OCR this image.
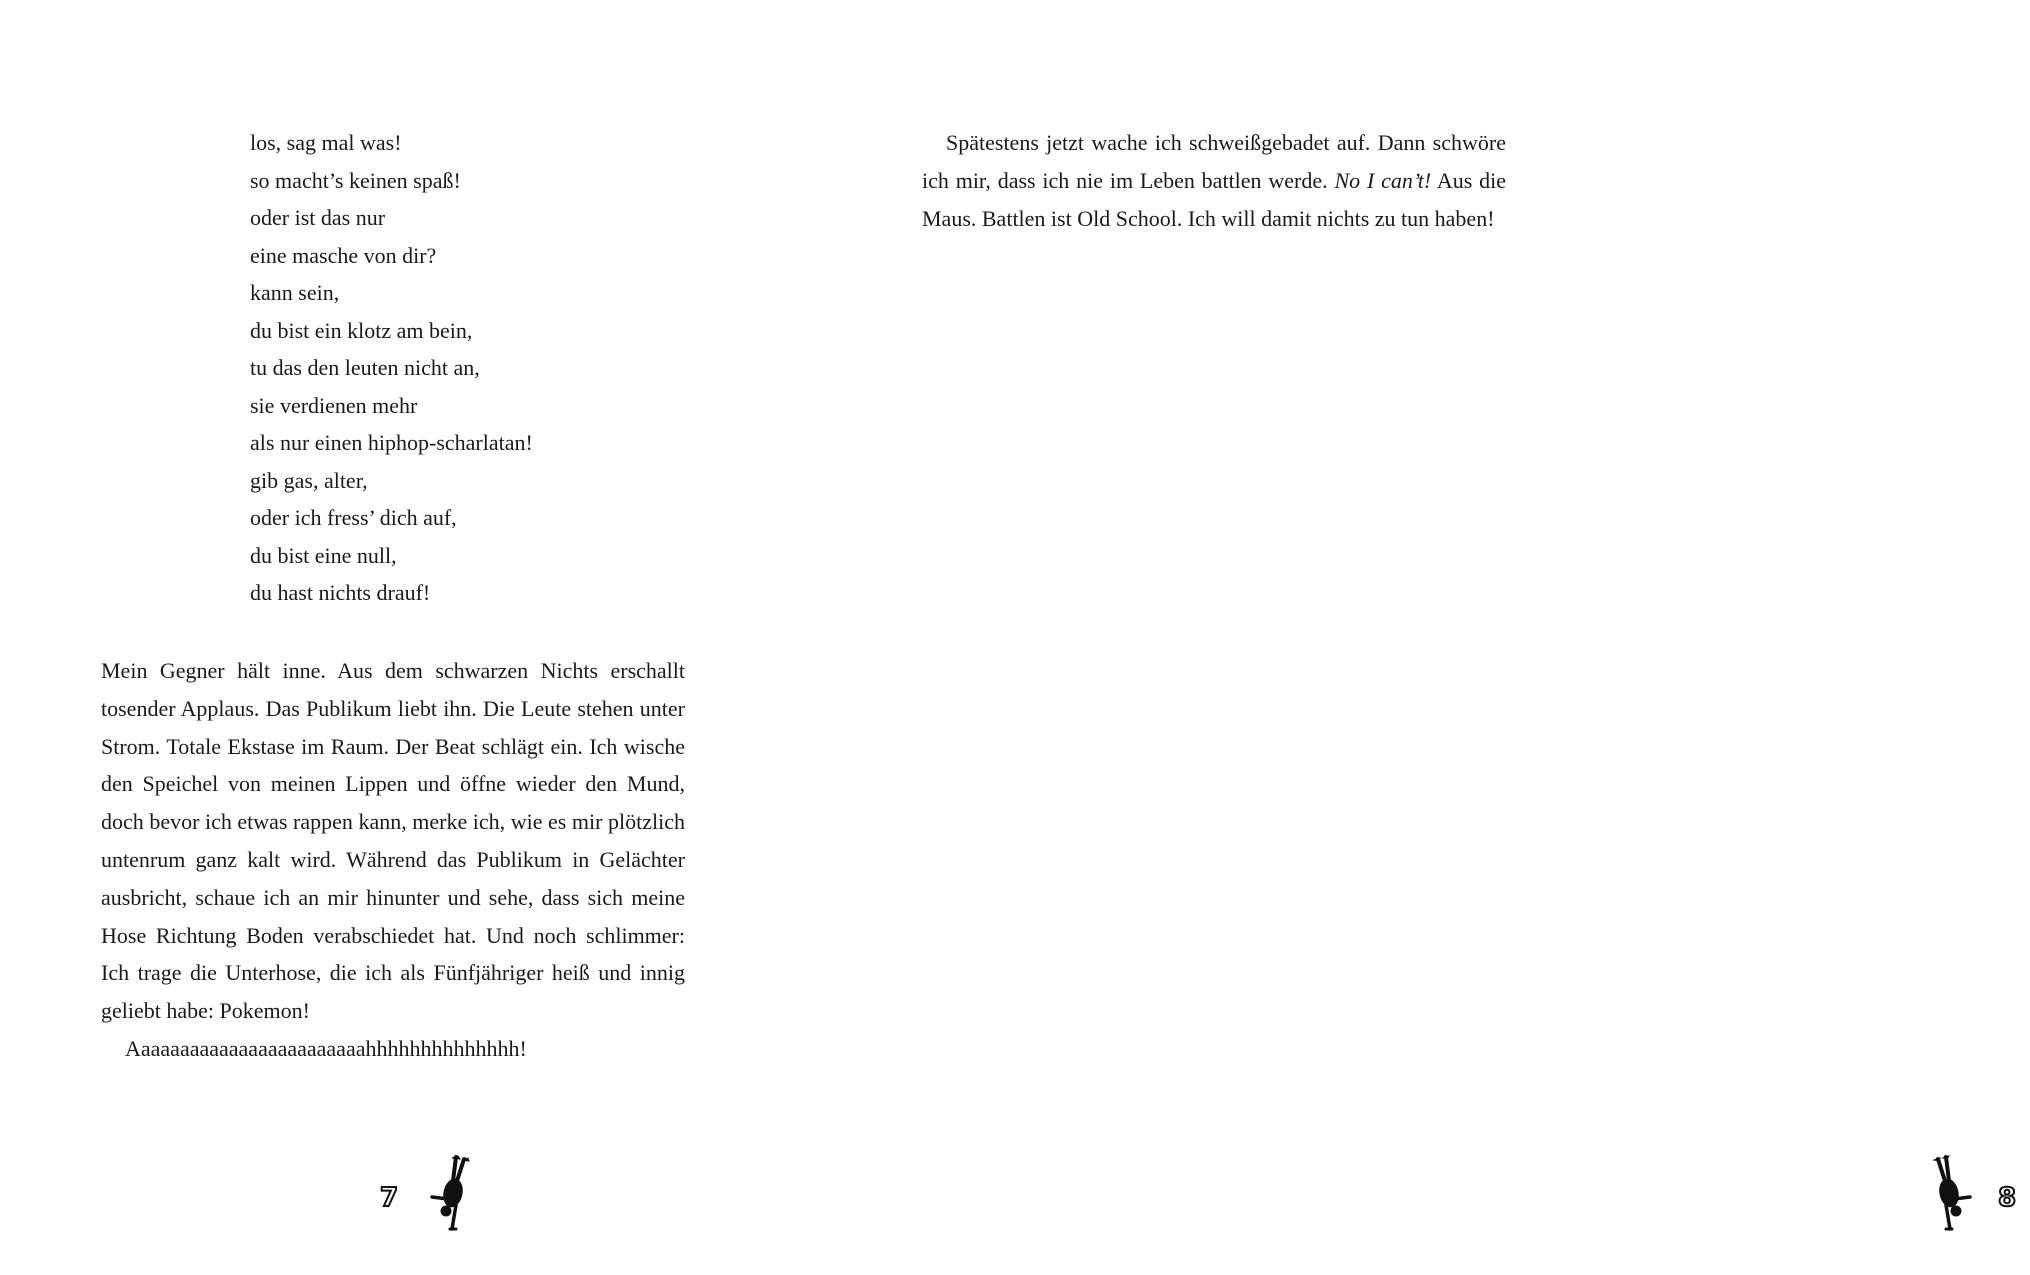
los, sag mal was!
so macht’s keinen spaß!
oder ist das nur
eine masche von dir?
kann sein,
du bist ein klotz am bein,
tu das den leuten nicht an,
sie verdienen mehr
als nur einen hiphop-scharlatan!
gib gas, alter,
oder ich fress’ dich auf,
du bist eine null,
du hast nichts drauf!

Mein Gegner hält inne. Aus dem schwarzen Nichts erschallt tosender Applaus. Das Publikum liebt ihn. Die Leute stehen unter Strom. Totale Ekstase im Raum. Der Beat schlägt ein. Ich wische den Speichel von meinen Lippen und öffne wieder den Mund, doch bevor ich etwas rappen kann, merke ich, wie es mir plötzlich untenrum ganz kalt wird. Während das Publikum in Gelächter ausbricht, schaue ich an mir hinunter und sehe, dass sich meine Hose Richtung Boden verabschiedet hat. Und noch schlimmer: Ich trage die Unterhose, die ich als Fünfjähriger heiß und innig geliebt habe: Pokemon!

Aaaaaaaaaaaaaaaaaaaaaaaahhhhhhhhhhhhhh!

7

Spätestens jetzt wache ich schweißgebadet auf. Dann schwöre ich mir, dass ich nie im Leben battlen werde. No I can’t! Aus die Maus. Battlen ist Old School. Ich will damit nichts zu tun haben!

8
